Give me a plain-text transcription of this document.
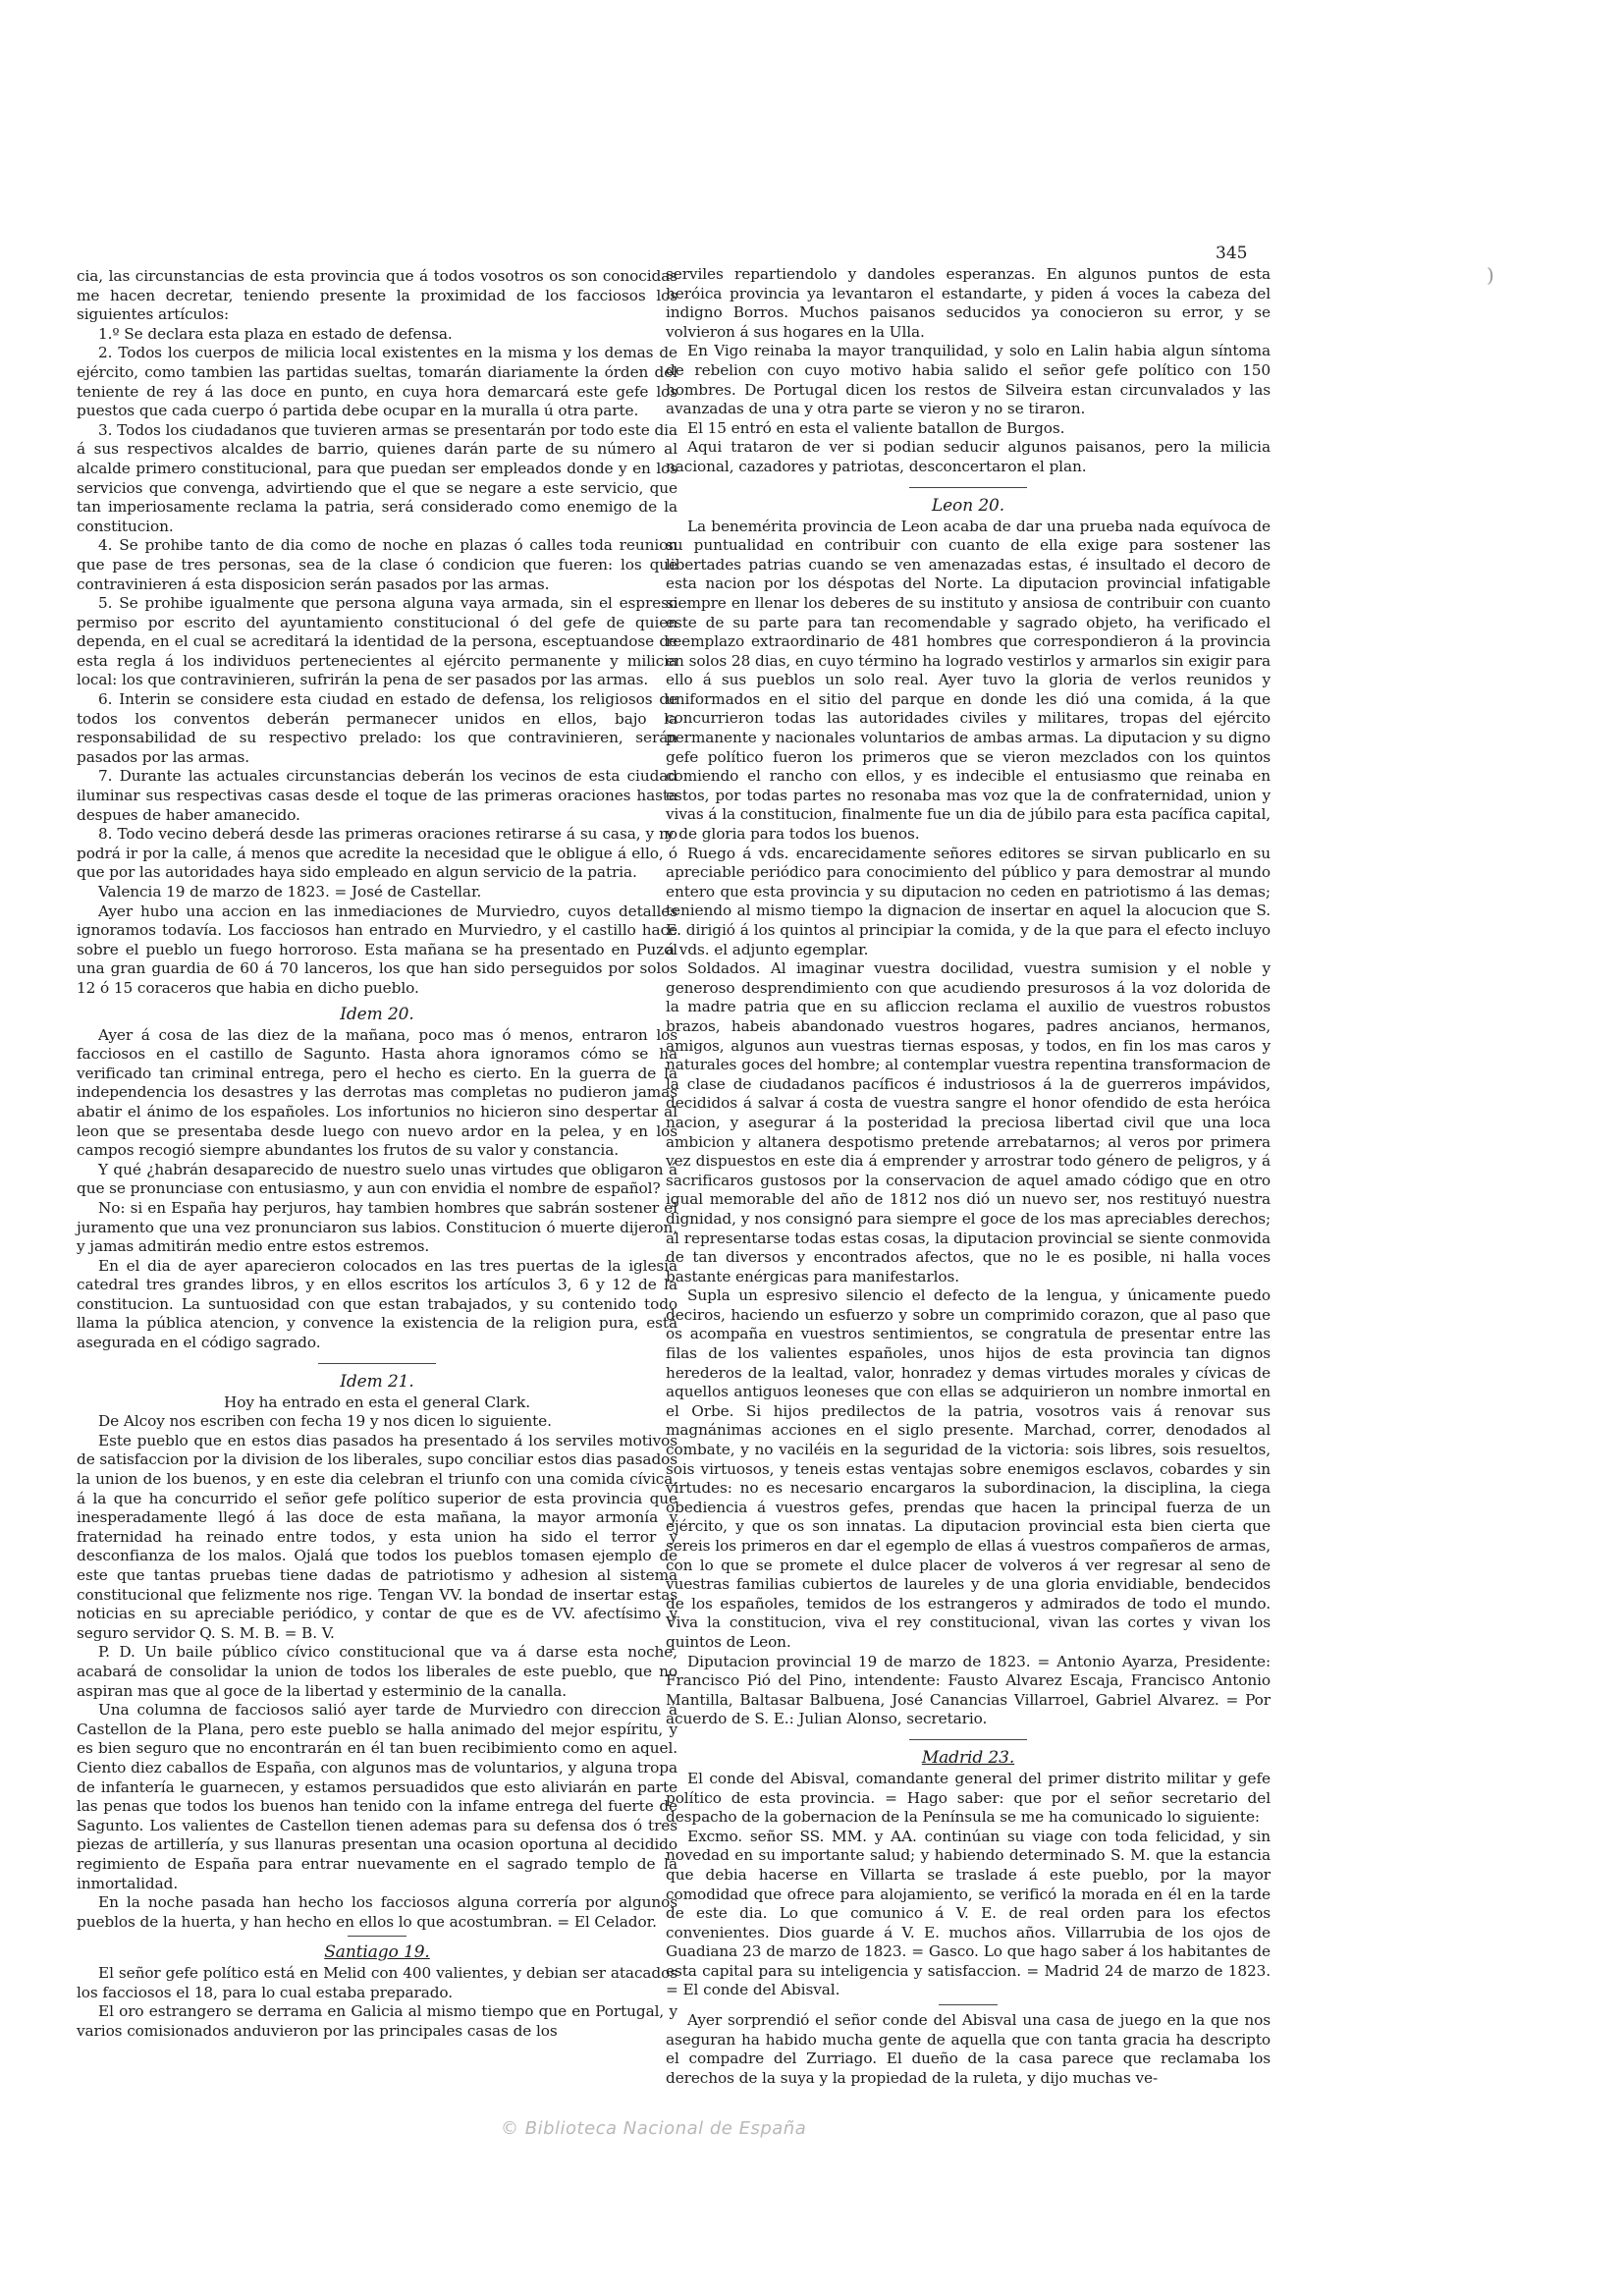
345
)

cia, las circunstancias de esta provincia que á todos vosotros os son conocidas me hacen decretar, teniendo presente la proximidad de los facciosos los siguientes artículos:

1.º Se declara esta plaza en estado de defensa.

2. Todos los cuerpos de milicia local existentes en la misma y los demas de ejército, como tambien las partidas sueltas, tomarán diariamente la órden del teniente de rey á las doce en punto, en cuya hora demarcará este gefe los puestos que cada cuerpo ó partida debe ocupar en la muralla ú otra parte.

3. Todos los ciudadanos que tuvieren armas se presentarán por todo este dia á sus respectivos alcaldes de barrio, quienes darán parte de su número al alcalde primero constitucional, para que puedan ser empleados donde y en los servicios que convenga, advirtiendo que el que se negare a este servicio, que tan imperiosamente reclama la patria, será considerado como enemigo de la constitucion.

4. Se prohibe tanto de dia como de noche en plazas ó calles toda reunion que pase de tres personas, sea de la clase ó condicion que fueren: los que contravinieren á esta disposicion serán pasados por las armas.

5. Se prohibe igualmente que persona alguna vaya armada, sin el espreso permiso por escrito del ayuntamiento constitucional ó del gefe de quien dependa, en el cual se acreditará la identidad de la persona, esceptuandose de esta regla á los individuos pertenecientes al ejército permanente y milicia local: los que contravinieren, sufrirán la pena de ser pasados por las armas.

6. Interin se considere esta ciudad en estado de defensa, los religiosos de todos los conventos deberán permanecer unidos en ellos, bajo la responsabilidad de su respectivo prelado: los que contravinieren, serán pasados por las armas.

7. Durante las actuales circunstancias deberán los vecinos de esta ciudad iluminar sus respectivas casas desde el toque de las primeras oraciones hasta despues de haber amanecido.

8. Todo vecino deberá desde las primeras oraciones retirarse á su casa, y no podrá ir por la calle, á menos que acredite la necesidad que le obligue á ello, ó que por las autoridades haya sido empleado en algun servicio de la patria.

Valencia 19 de marzo de 1823. = José de Castellar.

Ayer hubo una accion en las inmediaciones de Murviedro, cuyos detalles ignoramos todavía. Los facciosos han entrado en Murviedro, y el castillo hace sobre el pueblo un fuego horroroso. Esta mañana se ha presentado en Puzol una gran guardia de 60 á 70 lanceros, los que han sido perseguidos por solos 12 ó 15 coraceros que habia en dicho pueblo.

Idem 20.

Ayer á cosa de las diez de la mañana, poco mas ó menos, entraron los facciosos en el castillo de Sagunto. Hasta ahora ignoramos cómo se ha verificado tan criminal entrega, pero el hecho es cierto. En la guerra de la independencia los desastres y las derrotas mas completas no pudieron jamas abatir el ánimo de los españoles. Los infortunios no hicieron sino despertar al leon que se presentaba desde luego con nuevo ardor en la pelea, y en los campos recogió siempre abundantes los frutos de su valor y constancia.

Y qué ¿habrán desaparecido de nuestro suelo unas virtudes que obligaron á que se pronunciase con entusiasmo, y aun con envidia el nombre de español?

No: si en España hay perjuros, hay tambien hombres que sabrán sostener el juramento que una vez pronunciaron sus labios. Constitucion ó muerte dijeron, y jamas admitirán medio entre estos estremos.

En el dia de ayer aparecieron colocados en las tres puertas de la iglesia catedral tres grandes libros, y en ellos escritos los artículos 3, 6 y 12 de la constitucion. La suntuosidad con que estan trabajados, y su contenido todo llama la pública atencion, y convence la existencia de la religion pura, está asegurada en el código sagrado.

Idem 21.

Hoy ha entrado en esta el general Clark.

De Alcoy nos escriben con fecha 19 y nos dicen lo siguiente.

Este pueblo que en estos dias pasados ha presentado á los serviles motivos de satisfaccion por la division de los liberales, supo conciliar estos dias pasados la union de los buenos, y en este dia celebran el triunfo con una comida cívica, á la que ha concurrido el señor gefe político superior de esta provincia que inesperadamente llegó á las doce de esta mañana, la mayor armonía y fraternidad ha reinado entre todos, y esta union ha sido el terror y desconfianza de los malos. Ojalá que todos los pueblos tomasen ejemplo de este que tantas pruebas tiene dadas de patriotismo y adhesion al sistema constitucional que felizmente nos rige. Tengan VV. la bondad de insertar estas noticias en su apreciable periódico, y contar de que es de VV. afectísimo y seguro servidor Q. S. M. B. = B. V.

P. D. Un baile público cívico constitucional que va á darse esta noche, acabará de consolidar la union de todos los liberales de este pueblo, que no aspiran mas que al goce de la libertad y esterminio de la canalla.

Una columna de facciosos salió ayer tarde de Murviedro con direccion á Castellon de la Plana, pero este pueblo se halla animado del mejor espíritu, y es bien seguro que no encontrarán en él tan buen recibimiento como en aquel. Ciento diez caballos de España, con algunos mas de voluntarios, y alguna tropa de infantería le guarnecen, y estamos persuadidos que esto aliviarán en parte las penas que todos los buenos han tenido con la infame entrega del fuerte de Sagunto. Los valientes de Castellon tienen ademas para su defensa dos ó tres piezas de artillería, y sus llanuras presentan una ocasion oportuna al decidido regimiento de España para entrar nuevamente en el sagrado templo de la inmortalidad.

En la noche pasada han hecho los facciosos alguna correría por algunos pueblos de la huerta, y han hecho en ellos lo que acostumbran. = El Celador.

Santiago 19.

El señor gefe político está en Melid con 400 valientes, y debian ser atacados los facciosos el 18, para lo cual estaba preparado.

El oro estrangero se derrama en Galicia al mismo tiempo que en Portugal, y varios comisionados anduvieron por las principales casas de los

serviles repartiendolo y dandoles esperanzas. En algunos puntos de esta heróica provincia ya levantaron el estandarte, y piden á voces la cabeza del indigno Borros. Muchos paisanos seducidos ya conocieron su error, y se volvieron á sus hogares en la Ulla.

En Vigo reinaba la mayor tranquilidad, y solo en Lalin habia algun síntoma de rebelion con cuyo motivo habia salido el señor gefe político con 150 hombres. De Portugal dicen los restos de Silveira estan circunvalados y las avanzadas de una y otra parte se vieron y no se tiraron.

El 15 entró en esta el valiente batallon de Burgos.

Aqui trataron de ver si podian seducir algunos paisanos, pero la milicia nacional, cazadores y patriotas, desconcertaron el plan.

Leon 20.

La benemérita provincia de Leon acaba de dar una prueba nada equívoca de su puntualidad en contribuir con cuanto de ella exige para sostener las libertades patrias cuando se ven amenazadas estas, é insultado el decoro de esta nacion por los déspotas del Norte. La diputacion provincial infatigable siempre en llenar los deberes de su instituto y ansiosa de contribuir con cuanto este de su parte para tan recomendable y sagrado objeto, ha verificado el reemplazo extraordinario de 481 hombres que correspondieron á la provincia en solos 28 dias, en cuyo término ha logrado vestirlos y armarlos sin exigir para ello á sus pueblos un solo real. Ayer tuvo la gloria de verlos reunidos y uniformados en el sitio del parque en donde les dió una comida, á la que concurrieron todas las autoridades civiles y militares, tropas del ejército permanente y nacionales voluntarios de ambas armas. La diputacion y su digno gefe político fueron los primeros que se vieron mezclados con los quintos comiendo el rancho con ellos, y es indecible el entusiasmo que reinaba en estos, por todas partes no resonaba mas voz que la de confraternidad, union y vivas á la constitucion, finalmente fue un dia de júbilo para esta pacífica capital, y de gloria para todos los buenos.

Ruego á vds. encarecidamente señores editores se sirvan publicarlo en su apreciable periódico para conocimiento del público y para demostrar al mundo entero que esta provincia y su diputacion no ceden en patriotismo á las demas; teniendo al mismo tiempo la dignacion de insertar en aquel la alocucion que S. E. dirigió á los quintos al principiar la comida, y de la que para el efecto incluyo á vds. el adjunto egemplar.

Soldados. Al imaginar vuestra docilidad, vuestra sumision y el noble y generoso desprendimiento con que acudiendo presurosos á la voz dolorida de la madre patria que en su afliccion reclama el auxilio de vuestros robustos brazos, habeis abandonado vuestros hogares, padres ancianos, hermanos, amigos, algunos aun vuestras tiernas esposas, y todos, en fin los mas caros y naturales goces del hombre; al contemplar vuestra repentina transformacion de la clase de ciudadanos pacíficos é industriosos á la de guerreros impávidos, decididos á salvar á costa de vuestra sangre el honor ofendido de esta heróica nacion, y asegurar á la posteridad la preciosa libertad civil que una loca ambicion y altanera despotismo pretende arrebatarnos; al veros por primera vez dispuestos en este dia á emprender y arrostrar todo género de peligros, y á sacrificaros gustosos por la conservacion de aquel amado código que en otro igual memorable del año de 1812 nos dió un nuevo ser, nos restituyó nuestra dignidad, y nos consignó para siempre el goce de los mas apreciables derechos; al representarse todas estas cosas, la diputacion provincial se siente conmovida de tan diversos y encontrados afectos, que no le es posible, ni halla voces bastante enérgicas para manifestarlos.

Supla un espresivo silencio el defecto de la lengua, y únicamente puedo deciros, haciendo un esfuerzo y sobre un comprimido corazon, que al paso que os acompaña en vuestros sentimientos, se congratula de presentar entre las filas de los valientes españoles, unos hijos de esta provincia tan dignos herederos de la lealtad, valor, honradez y demas virtudes morales y cívicas de aquellos antiguos leoneses que con ellas se adquirieron un nombre inmortal en el Orbe. Si hijos predilectos de la patria, vosotros vais á renovar sus magnánimas acciones en el siglo presente. Marchad, correr, denodados al combate, y no vaciléis en la seguridad de la victoria: sois libres, sois resueltos, sois virtuosos, y teneis estas ventajas sobre enemigos esclavos, cobardes y sin virtudes: no es necesario encargaros la subordinacion, la disciplina, la ciega obediencia á vuestros gefes, prendas que hacen la principal fuerza de un ejército, y que os son innatas. La diputacion provincial esta bien cierta que sereis los primeros en dar el egemplo de ellas á vuestros compañeros de armas, con lo que se promete el dulce placer de volveros á ver regresar al seno de vuestras familias cubiertos de laureles y de una gloria envidiable, bendecidos de los españoles, temidos de los estrangeros y admirados de todo el mundo. Viva la constitucion, viva el rey constitucional, vivan las cortes y vivan los quintos de Leon.

Diputacion provincial 19 de marzo de 1823. = Antonio Ayarza, Presidente: Francisco Pió del Pino, intendente: Fausto Alvarez Escaja, Francisco Antonio Mantilla, Baltasar Balbuena, José Canancias Villarroel, Gabriel Alvarez. = Por acuerdo de S. E.: Julian Alonso, secretario.

Madrid 23.

El conde del Abisval, comandante general del primer distrito militar y gefe político de esta provincia. = Hago saber: que por el señor secretario del despacho de la gobernacion de la Península se me ha comunicado lo siguiente:

Excmo. señor SS. MM. y AA. continúan su viage con toda felicidad, y sin novedad en su importante salud; y habiendo determinado S. M. que la estancia que debia hacerse en Villarta se traslade á este pueblo, por la mayor comodidad que ofrece para alojamiento, se verificó la morada en él en la tarde de este dia. Lo que comunico á V. E. de real orden para los efectos convenientes. Dios guarde á V. E. muchos años. Villarrubia de los ojos de Guadiana 23 de marzo de 1823. = Gasco. Lo que hago saber á los habitantes de esta capital para su inteligencia y satisfaccion. = Madrid 24 de marzo de 1823. = El conde del Abisval.

Ayer sorprendió el señor conde del Abisval una casa de juego en la que nos aseguran ha habido mucha gente de aquella que con tanta gracia ha descripto el compadre del Zurriago. El dueño de la casa parece que reclamaba los derechos de la suya y la propiedad de la ruleta, y dijo muchas ve-

© Biblioteca Nacional de España
